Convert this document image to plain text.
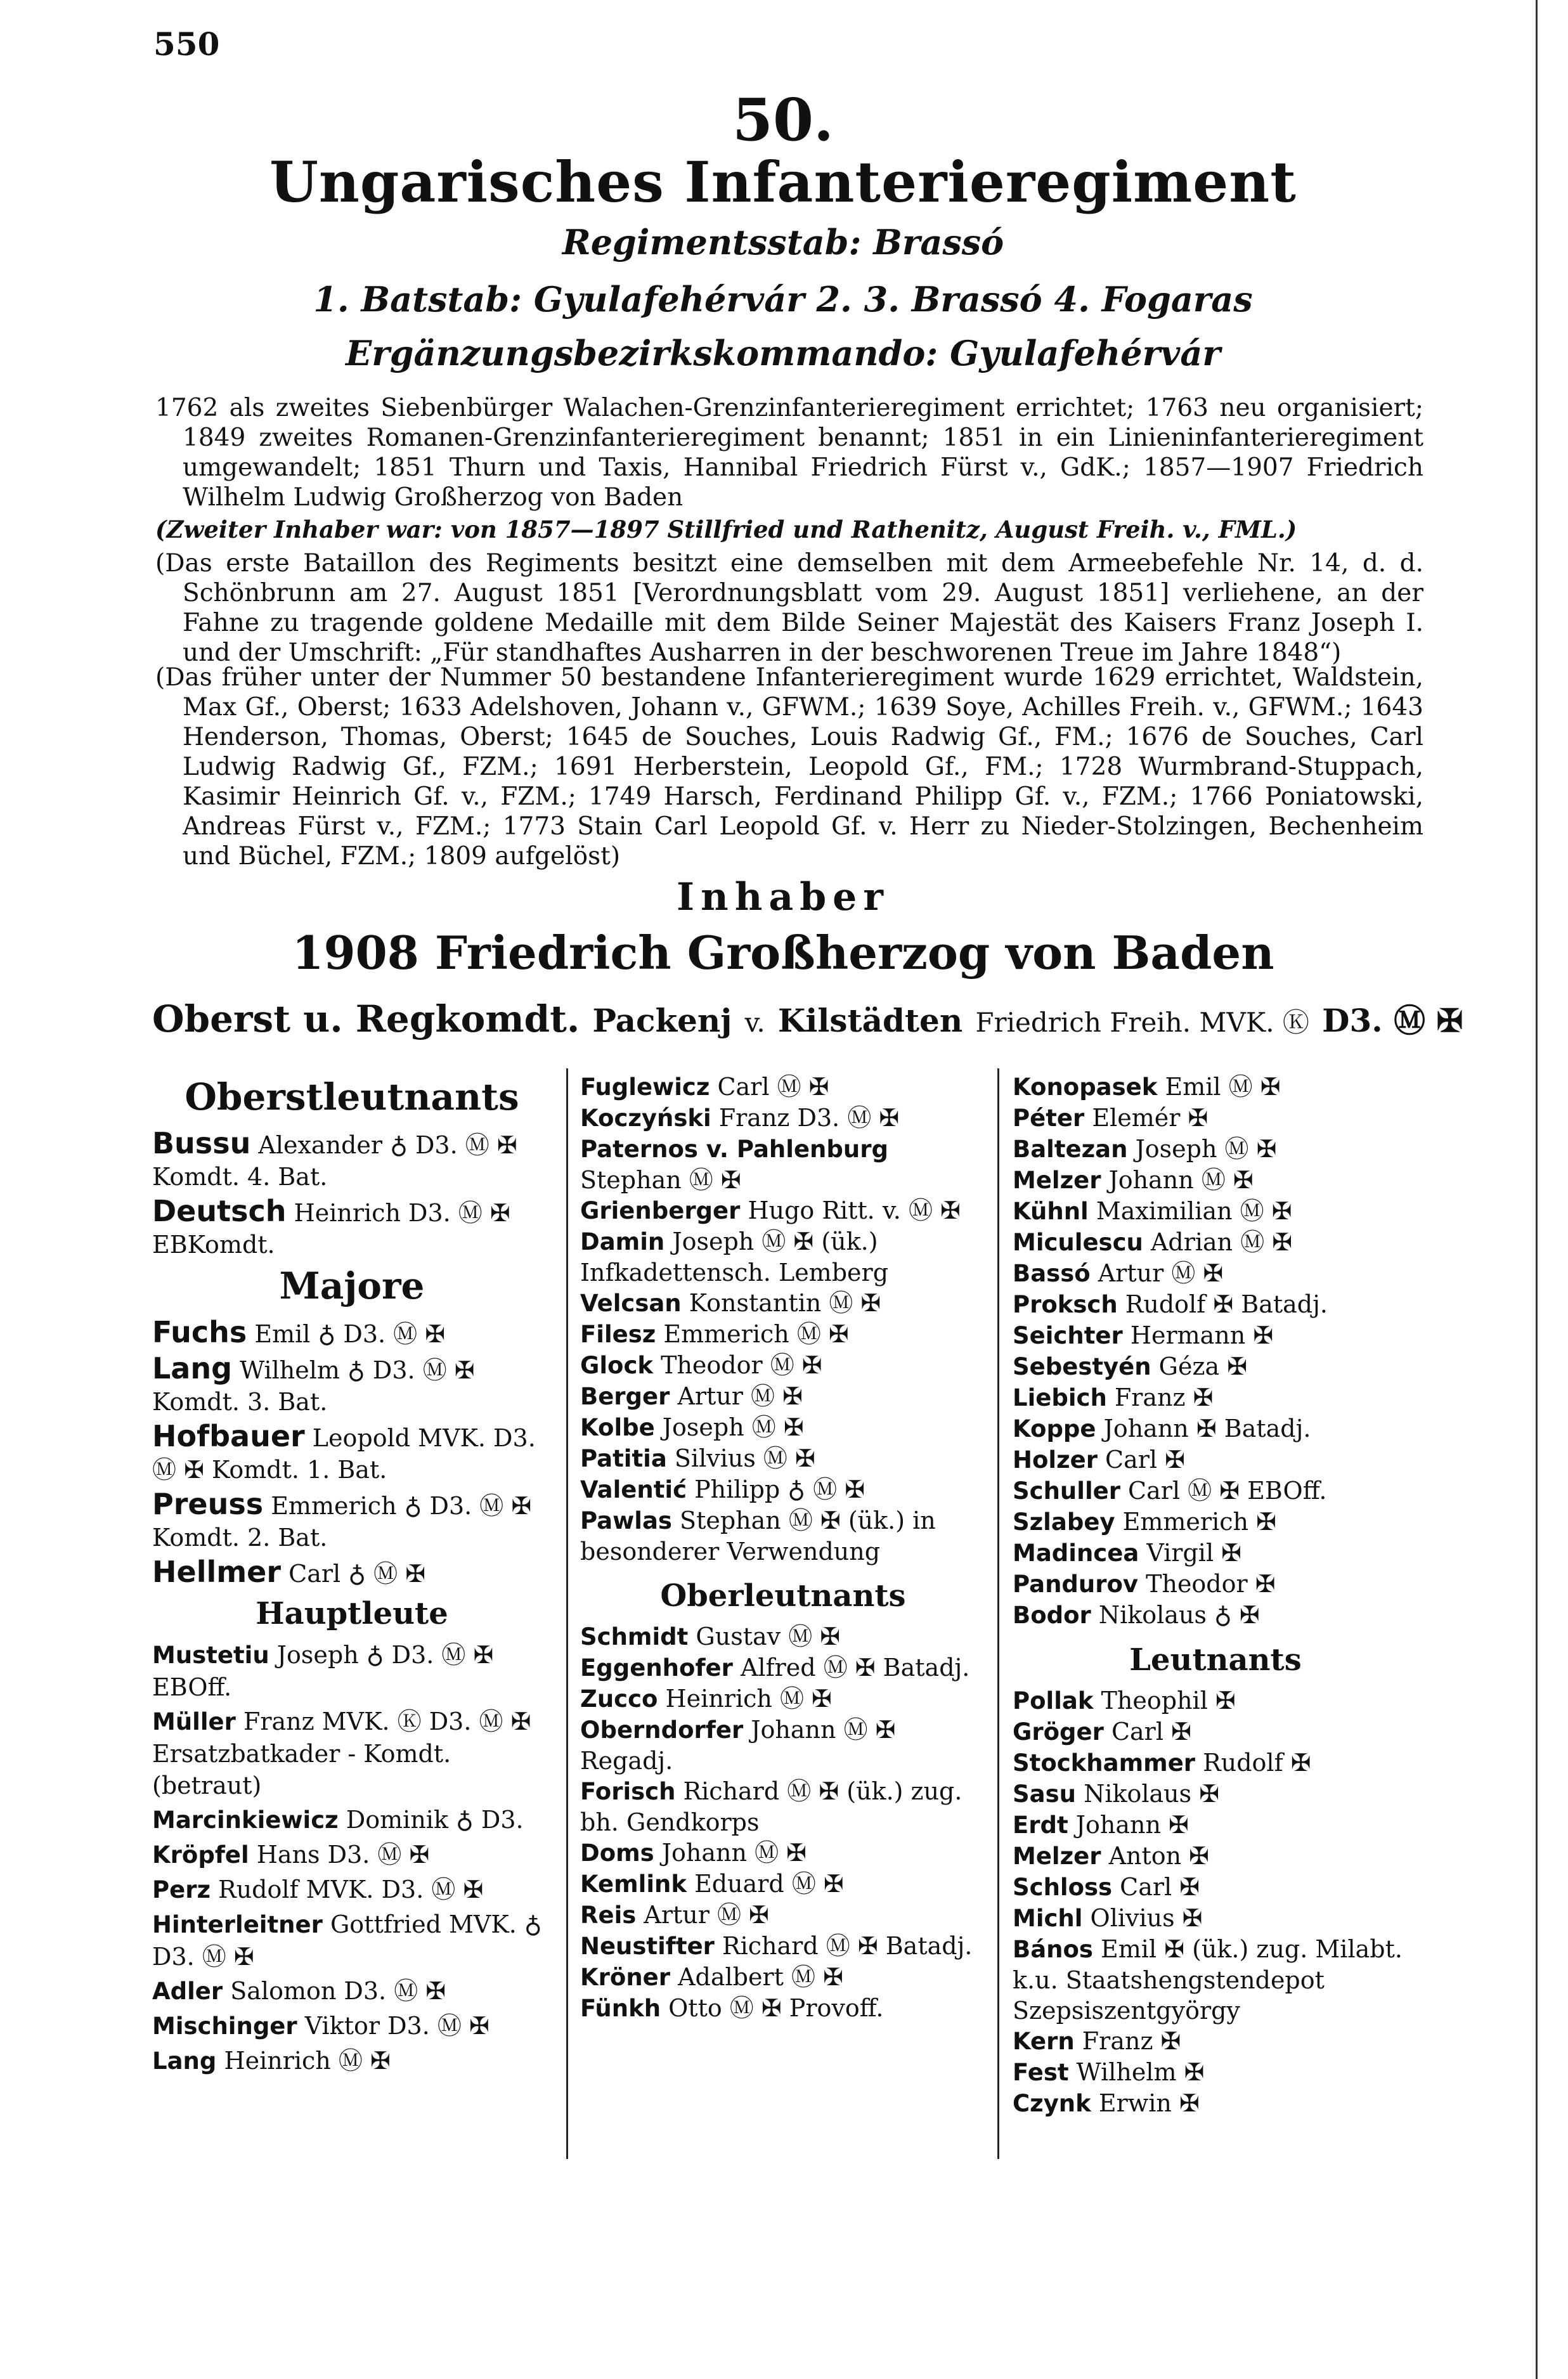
550
50.
Ungarisches Infanterieregiment
Regimentsstab: Brassó
1. Batstab: Gyulafehérvár 2. 3. Brassó 4. Fogaras
Ergänzungsbezirkskommando: Gyulafehérvár
1762 als zweites Siebenbürger Walachen-Grenzinfanterieregiment errichtet; 1763 neu organisiert; 1849 zweites Romanen-Grenzinfanterieregiment benannt; 1851 in ein Linieninfanterieregiment umgewandelt; 1851 Thurn und Taxis, Hannibal Friedrich Fürst v., GdK.; 1857—1907 Friedrich Wilhelm Ludwig Großherzog von Baden
(Zweiter Inhaber war: von 1857—1897 Stillfried und Rathenitz, August Freih. v., FML.)
(Das erste Bataillon des Regiments besitzt eine demselben mit dem Armeebefehle Nr. 14, d. d. Schönbrunn am 27. August 1851 [Verordnungsblatt vom 29. August 1851] verliehene, an der Fahne zu tragende goldene Medaille mit dem Bilde Seiner Majestät des Kaisers Franz Joseph I. und der Umschrift: „Für standhaftes Ausharren in der beschworenen Treue im Jahre 1848“)
(Das früher unter der Nummer 50 bestandene Infanterieregiment wurde 1629 errichtet, Waldstein, Max Gf., Oberst; 1633 Adelshoven, Johann v., GFWM.; 1639 Soye, Achilles Freih. v., GFWM.; 1643 Henderson, Thomas, Oberst; 1645 de Souches, Louis Radwig Gf., FM.; 1676 de Souches, Carl Ludwig Radwig Gf., FZM.; 1691 Herberstein, Leopold Gf., FM.; 1728 Wurmbrand-Stuppach, Kasimir Heinrich Gf. v., FZM.; 1749 Harsch, Ferdinand Philipp Gf. v., FZM.; 1766 Poniatowski, Andreas Fürst v., FZM.; 1773 Stain Carl Leopold Gf. v. Herr zu Nieder-Stolzingen, Bechenheim und Büchel, FZM.; 1809 aufgelöst)
Inhaber
1908 Friedrich Großherzog von Baden
Oberst u. Regkomdt. Packenj v. Kilstädten Friedrich Freih. MVK. Ⓚ D3. Ⓜ ✠
Oberstleutnants
Bussu Alexander ♁ D3. Ⓜ ✠ Komdt. 4. Bat.
Deutsch Heinrich D3. Ⓜ ✠ EBKomdt.
Majore
Fuchs Emil ♁ D3. Ⓜ ✠
Lang Wilhelm ♁ D3. Ⓜ ✠ Komdt. 3. Bat.
Hofbauer Leopold MVK. D3. Ⓜ ✠ Komdt. 1. Bat.
Preuss Emmerich ♁ D3. Ⓜ ✠ Komdt. 2. Bat.
Hellmer Carl ♁ Ⓜ ✠
Hauptleute
Mustetiu Joseph ♁ D3. Ⓜ ✠ EBOff.
Müller Franz MVK. Ⓚ D3. Ⓜ ✠ Ersatzbatkader - Komdt. (betraut)
Marcinkiewicz Dominik ♁ D3.
Kröpfel Hans D3. Ⓜ ✠
Perz Rudolf MVK. D3. Ⓜ ✠
Hinterleitner Gottfried MVK. ♁ D3. Ⓜ ✠
Adler Salomon D3. Ⓜ ✠
Mischinger Viktor D3. Ⓜ ✠
Lang Heinrich Ⓜ ✠
Fuglewicz Carl Ⓜ ✠
Koczyński Franz D3. Ⓜ ✠
Paternos v. Pahlenburg Stephan Ⓜ ✠
Grienberger Hugo Ritt. v. Ⓜ ✠
Damin Joseph Ⓜ ✠ (ük.) Infkadettensch. Lemberg
Velcsan Konstantin Ⓜ ✠
Filesz Emmerich Ⓜ ✠
Glock Theodor Ⓜ ✠
Berger Artur Ⓜ ✠
Kolbe Joseph Ⓜ ✠
Patitia Silvius Ⓜ ✠
Valentić Philipp ♁ Ⓜ ✠
Pawlas Stephan Ⓜ ✠ (ük.) in besonderer Verwendung
Oberleutnants
Schmidt Gustav Ⓜ ✠
Eggenhofer Alfred Ⓜ ✠ Batadj.
Zucco Heinrich Ⓜ ✠
Oberndorfer Johann Ⓜ ✠ Regadj.
Forisch Richard Ⓜ ✠ (ük.) zug. bh. Gendkorps
Doms Johann Ⓜ ✠
Kemlink Eduard Ⓜ ✠
Reis Artur Ⓜ ✠
Neustifter Richard Ⓜ ✠ Batadj.
Kröner Adalbert Ⓜ ✠
Fünkh Otto Ⓜ ✠ Provoff.
Konopasek Emil Ⓜ ✠
Péter Elemér ✠
Baltezan Joseph Ⓜ ✠
Melzer Johann Ⓜ ✠
Kühnl Maximilian Ⓜ ✠
Miculescu Adrian Ⓜ ✠
Bassó Artur Ⓜ ✠
Proksch Rudolf ✠ Batadj.
Seichter Hermann ✠
Sebestyén Géza ✠
Liebich Franz ✠
Koppe Johann ✠ Batadj.
Holzer Carl ✠
Schuller Carl Ⓜ ✠ EBOff.
Szlabey Emmerich ✠
Madincea Virgil ✠
Pandurov Theodor ✠
Bodor Nikolaus ♁ ✠
Leutnants
Pollak Theophil ✠
Gröger Carl ✠
Stockhammer Rudolf ✠
Sasu Nikolaus ✠
Erdt Johann ✠
Melzer Anton ✠
Schloss Carl ✠
Michl Olivius ✠
Bános Emil ✠ (ük.) zug. Milabt. k.u. Staatshengstendepot Szepsiszentgyörgy
Kern Franz ✠
Fest Wilhelm ✠
Czynk Erwin ✠
